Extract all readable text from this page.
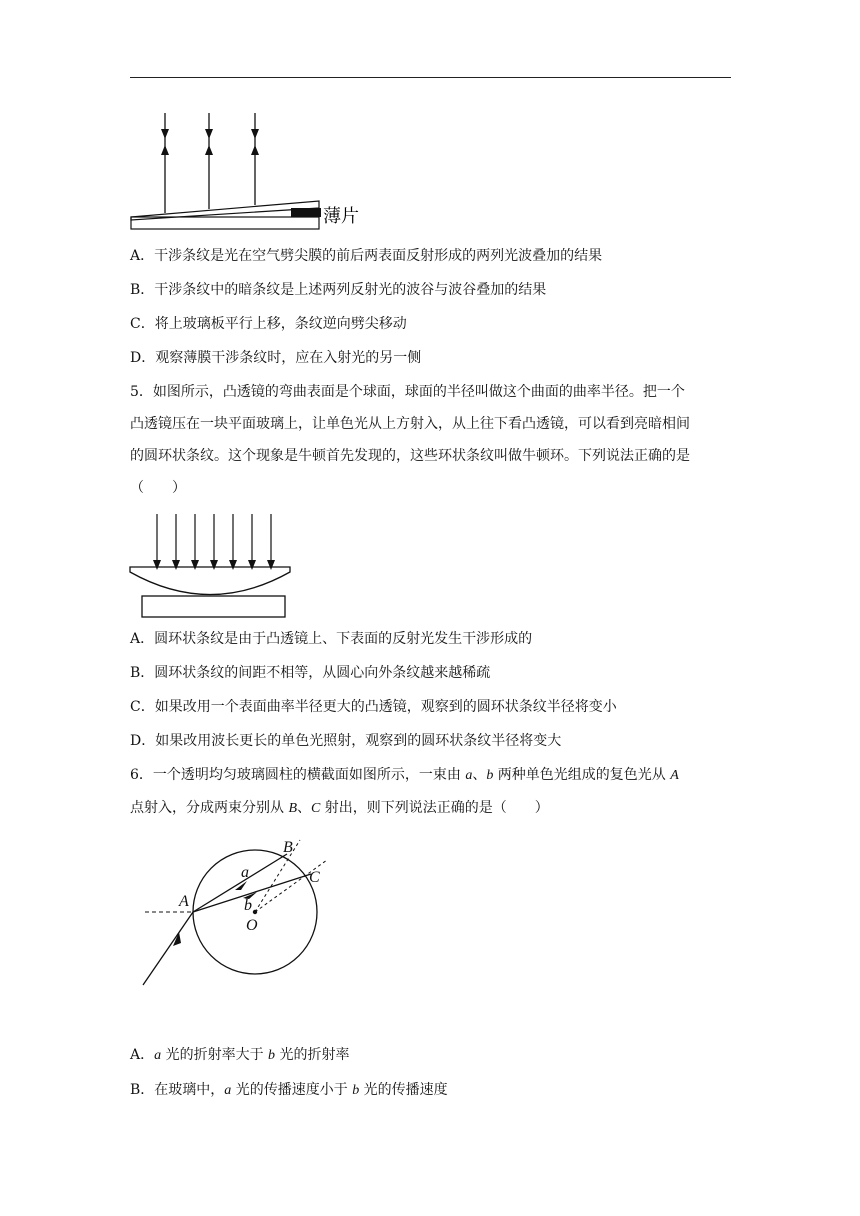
薄片
A．干涉条纹是光在空气劈尖膜的前后两表面反射形成的两列光波叠加的结果
B．干涉条纹中的暗条纹是上述两列反射光的波谷与波谷叠加的结果
C．将上玻璃板平行上移，条纹逆向劈尖移动
D．观察薄膜干涉条纹时，应在入射光的另一侧
5．如图所示，凸透镜的弯曲表面是个球面，球面的半径叫做这个曲面的曲率半径。把一个
凸透镜压在一块平面玻璃上，让单色光从上方射入，从上往下看凸透镜，可以看到亮暗相间
的圆环状条纹。这个现象是牛顿首先发现的，这些环状条纹叫做牛顿环。下列说法正确的是
（　　）
A．圆环状条纹是由于凸透镜上、下表面的反射光发生干涉形成的
B．圆环状条纹的间距不相等，从圆心向外条纹越来越稀疏
C．如果改用一个表面曲率半径更大的凸透镜，观察到的圆环状条纹半径将变小
D．如果改用波长更长的单色光照射，观察到的圆环状条纹半径将变大
6．一个透明均匀玻璃圆柱的横截面如图所示，一束由 a、b 两种单色光组成的复色光从 A
点射入，分成两束分别从 B、C 射出，则下列说法正确的是（　　）
A
B
C
O
a
b
A．a 光的折射率大于 b 光的折射率
B．在玻璃中，a 光的传播速度小于 b 光的传播速度
